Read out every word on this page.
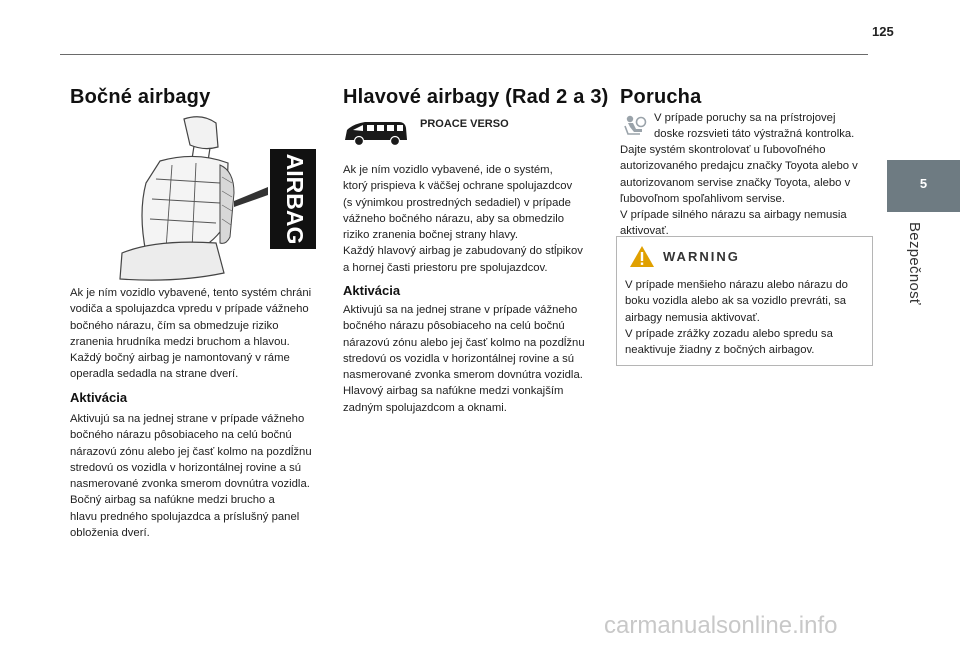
125
5
Bezpečnosť
Bočné airbagy
AIRBAG

Ak je ním vozidlo vybavené, tento systém chráni

vodiča a spolujazdca vpredu v prípade vážneho

bočného nárazu, čím sa obmedzuje riziko

zranenia hrudníka medzi bruchom a hlavou.

Každý bočný airbag je namontovaný v ráme

operadla sedadla na strane dverí.

Aktivácia

Aktivujú sa na jednej strane v prípade vážneho

bočného nárazu pôsobiaceho na celú bočnú

nárazovú zónu alebo jej časť kolmo na pozdĺžnu

stredovú os vozidla v horizontálnej rovine a sú

nasmerované zvonka smerom dovnútra vozidla.

Bočný airbag sa nafúkne medzi brucho a

hlavu predného spolujazdca a príslušný panel

obloženia dverí.

Hlavové airbagy (Rad 2 a 3)
PROACE VERSO

Ak je ním vozidlo vybavené, ide o systém,

ktorý prispieva k väčšej ochrane spolujazdcov

(s výnimkou prostredných sedadiel) v prípade

vážneho bočného nárazu, aby sa obmedzilo

riziko zranenia bočnej strany hlavy.

Každý hlavový airbag je zabudovaný do stĺpikov

a hornej časti priestoru pre spolujazdcov.

Aktivácia

Aktivujú sa na jednej strane v prípade vážneho

bočného nárazu pôsobiaceho na celú bočnú

nárazovú zónu alebo jej časť kolmo na pozdĺžnu

stredovú os vozidla v horizontálnej rovine a sú

nasmerované zvonka smerom dovnútra vozidla.

Hlavový airbag sa nafúkne medzi vonkajším

zadným spolujazdcom a oknami.

Porucha

V prípade poruchy sa na prístrojovej

doske rozsvieti táto výstražná kontrolka.

Dajte systém skontrolovať u ľubovoľného

autorizovaného predajcu značky Toyota alebo v

autorizovanom servise značky Toyota, alebo v

ľubovoľnom spoľahlivom servise.

V prípade silného nárazu sa airbagy nemusia

aktivovať.

WARNING

V prípade menšieho nárazu alebo nárazu do

boku vozidla alebo ak sa vozidlo prevráti, sa

airbagy nemusia aktivovať.

V prípade zrážky zozadu alebo spredu sa

neaktivuje žiadny z bočných airbagov.

carmanualsonline.info
